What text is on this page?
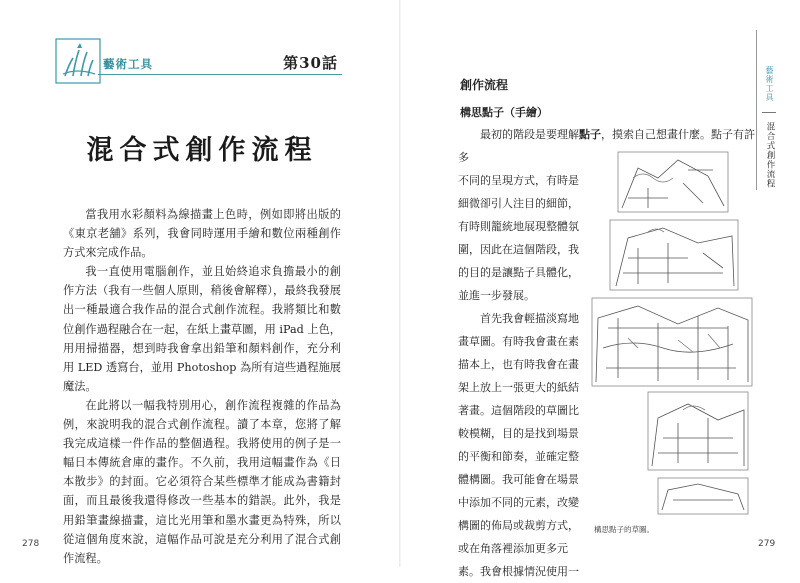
藝術工具	第30話
混合式創作流程

當我用水彩顏料為線描畫上色時，例如即將出版的《東京老舖》系列，我會同時運用手繪和數位兩種創作方式來完成作品。

我一直使用電腦創作，並且始終追求負擔最小的創作方法（我有一些個人原則，稍後會解釋），最終我發展出一種最適合我作品的混合式創作流程。我將類比和數位創作過程融合在一起，在紙上畫草圖，用 iPad 上色，用用掃描器，想到時我會拿出鉛筆和顏料創作，充分利用 LED 透寫台，並用 Photoshop 為所有這些過程施展魔法。

在此將以一幅我特別用心，創作流程複雜的作品為例，來說明我的混合式創作流程。讀了本章，您將了解我完成這樣一件作品的整個過程。我將使用的例子是一幅日本傳統倉庫的畫作。不久前，我用這幅畫作為《日本散步》的封面。它必須符合某些標準才能成為書籍封面，而且最後我還得修改一些基本的錯誤。此外，我是用鉛筆畫線描畫，這比光用筆和墨水畫更為特殊，所以從這個角度來說，這幅作品可說是充分利用了混合式創作流程。

278
創作流程
構思點子（手繪）

最初的階段是要理解點子，摸索自己想畫什麼。點子有許多

不同的呈現方式，有時是
細微卻引人注目的細節，
有時則籠統地展現整體氛
圍，因此在這個階段，我
的目的是讓點子具體化，
並進一步發展。

首先我會輕描淡寫地
畫草圖。有時我會畫在素
描本上，也有時我會在畫
架上放上一張更大的紙結
著畫。這個階段的草圖比
較模糊，目的是找到場景
的平衡和節奏，並確定整
體構圖。我可能會在場景
中添加不同的元素，改變
構圖的佈局或裁剪方式，
或在角落裡添加更多元
素。我會根據情況使用一

構思點子的草圖。
藝術工具
混合式創作流程
279
